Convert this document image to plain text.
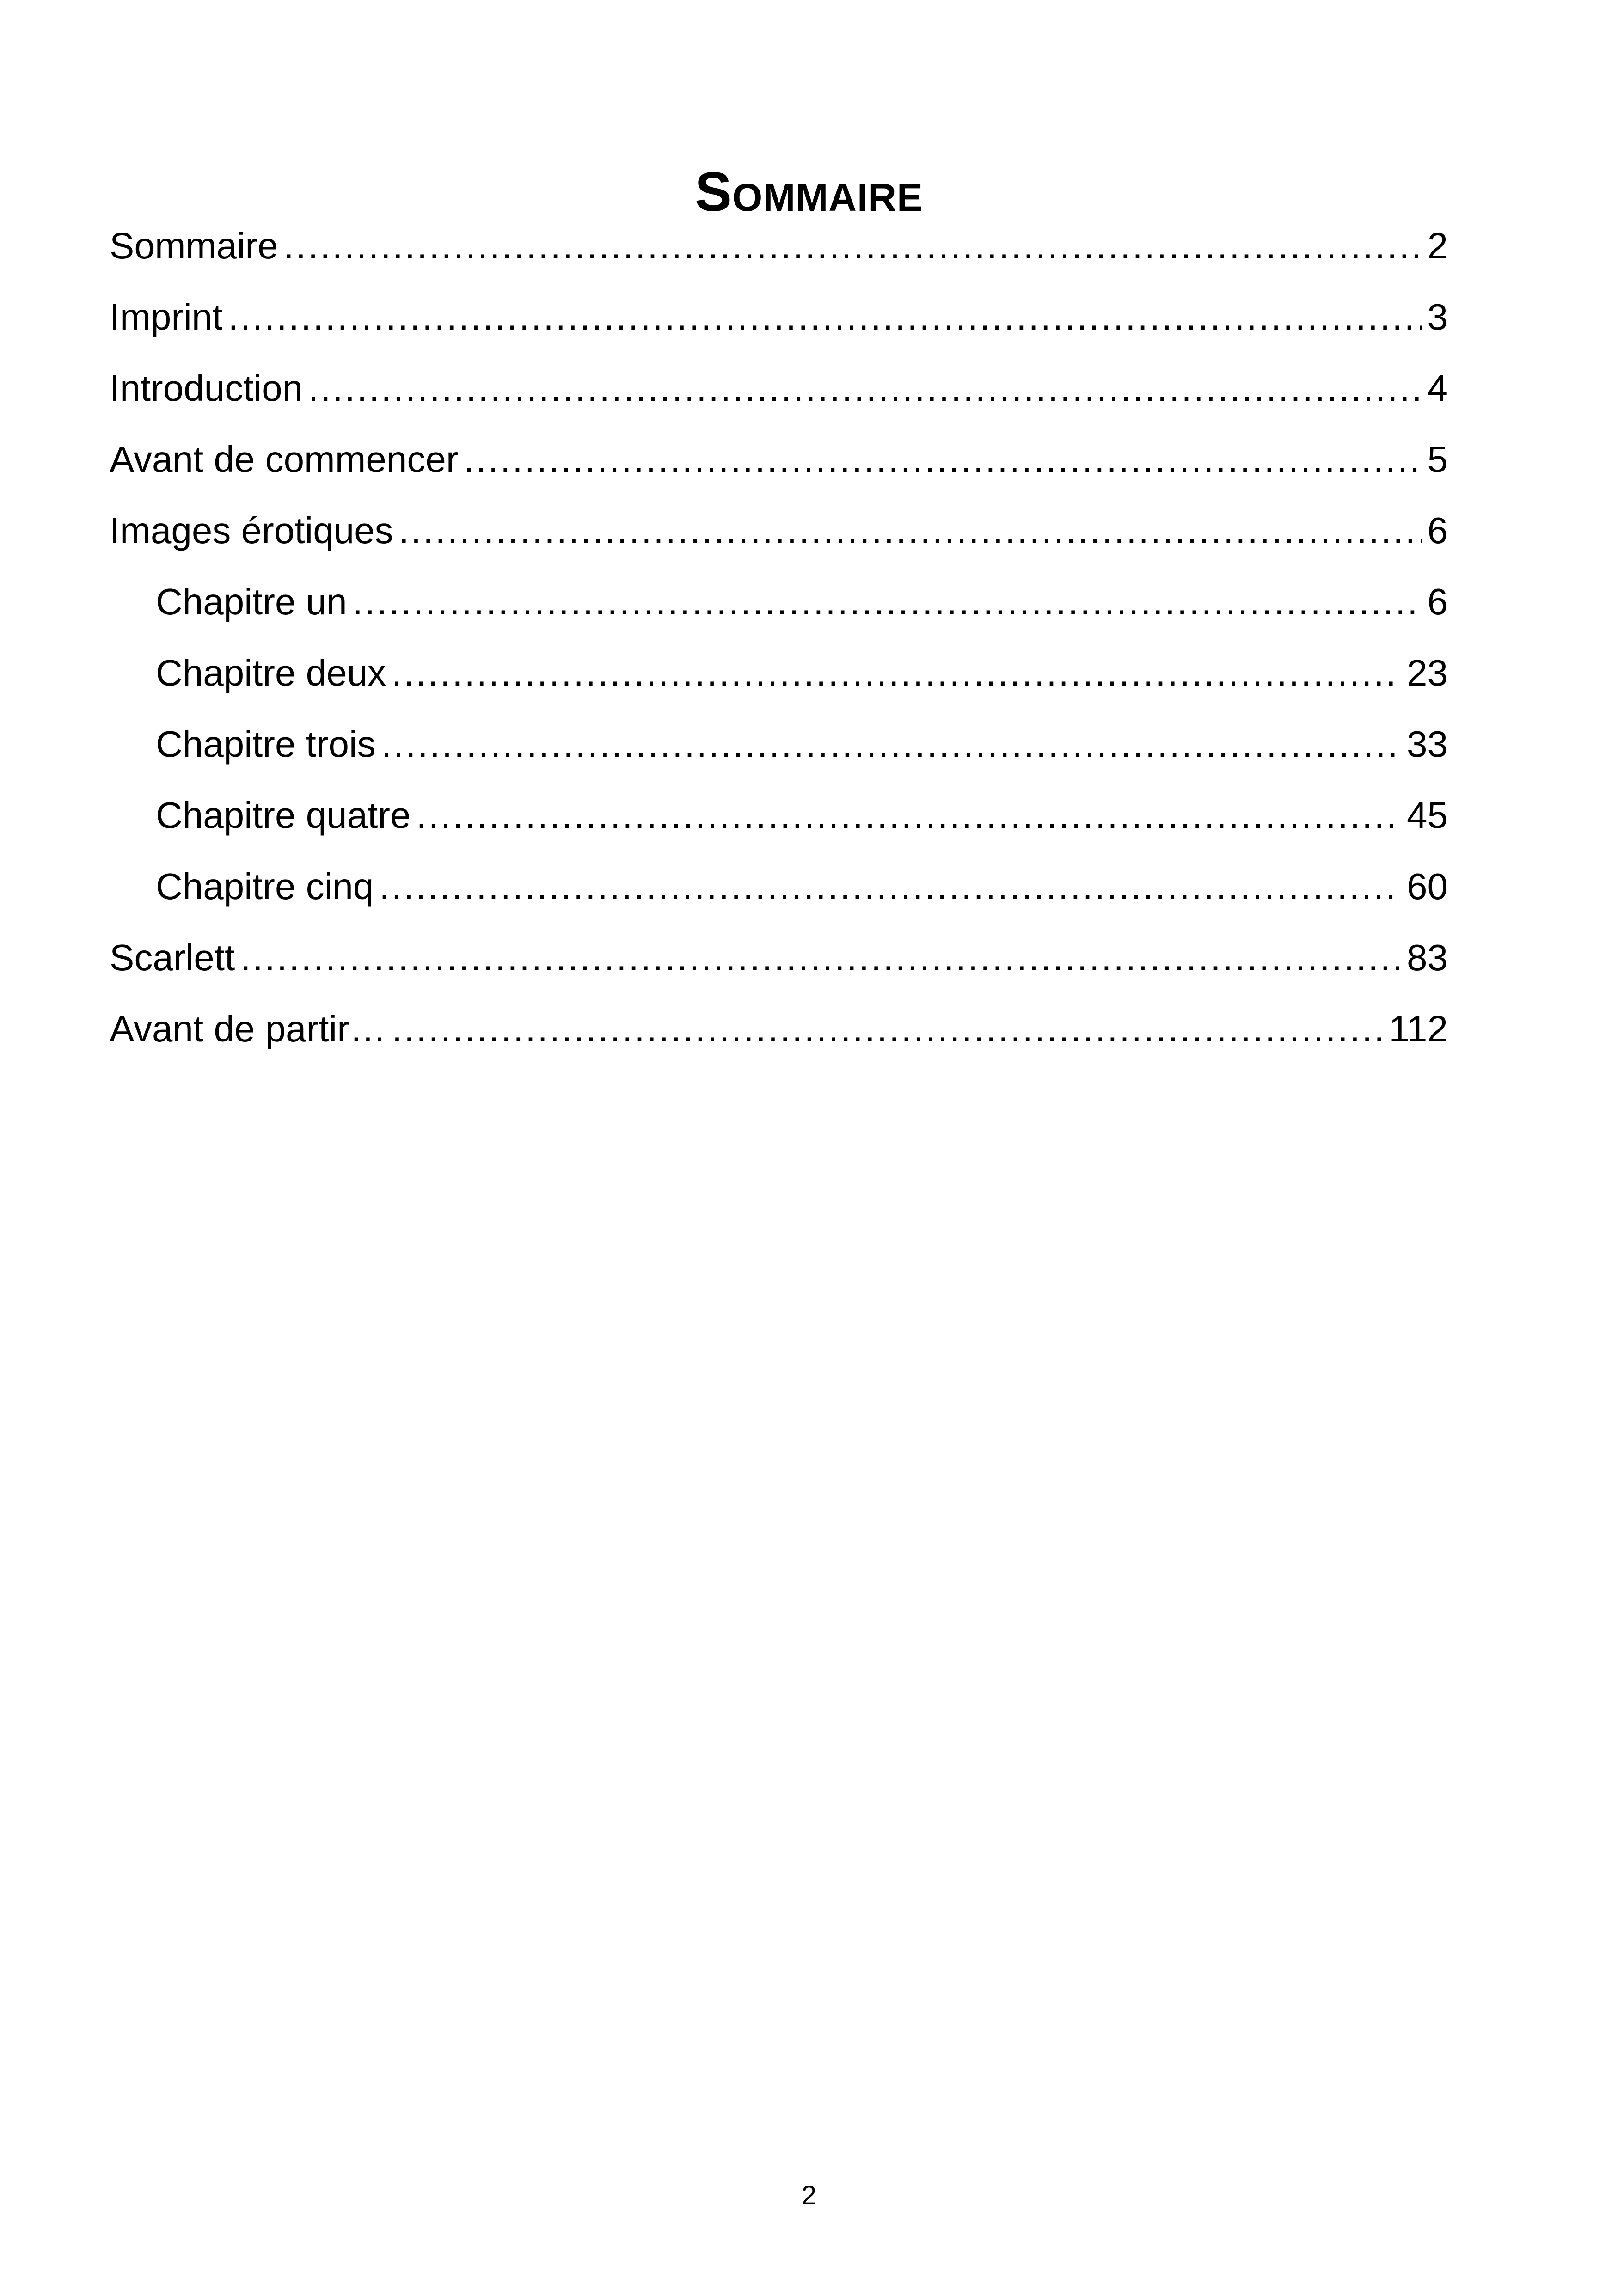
Sommaire
Sommaire .....	2
Imprint .....	3
Introduction .....	4
Avant de commencer .....	5
Images érotiques .....	6
Chapitre un .....	6
Chapitre deux .....	23
Chapitre trois .....	33
Chapitre quatre .....	45
Chapitre cinq .....	60
Scarlett .....	83
Avant de partir… .....	112
2
